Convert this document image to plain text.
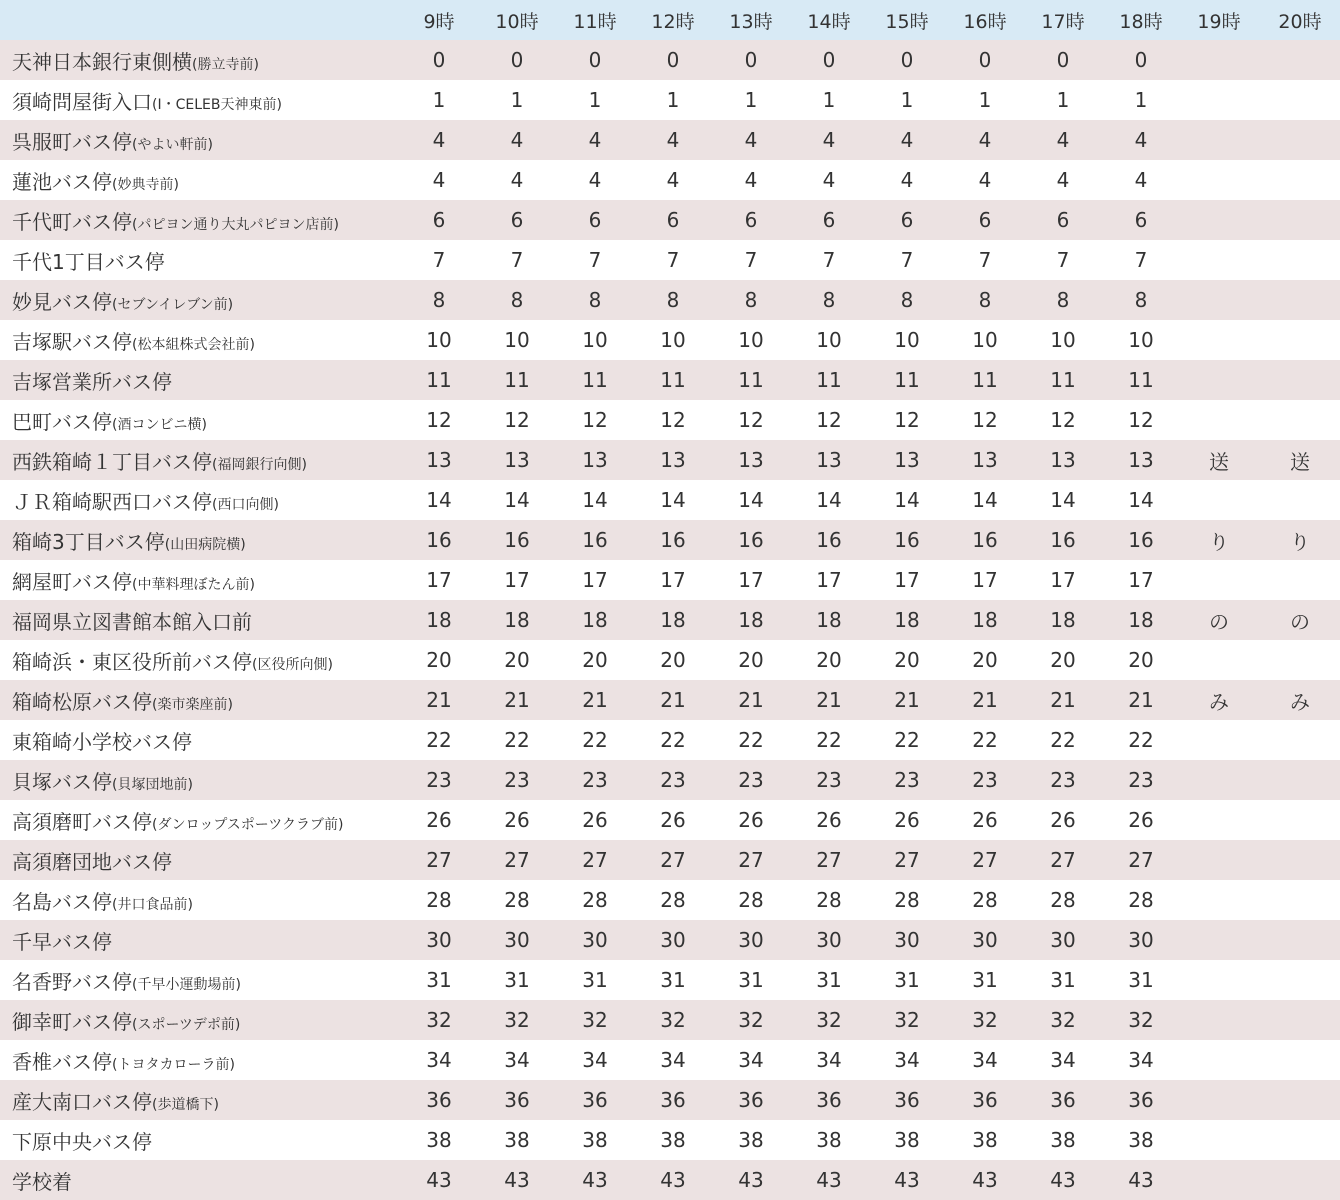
	9時	10時	11時	12時	13時	14時	15時	16時	17時	18時	19時	20時
天神日本銀行東側横(勝立寺前)	0	0	0	0	0	0	0	0	0	0		
須崎問屋街入口(I・CELEB天神東前)	1	1	1	1	1	1	1	1	1	1		
呉服町バス停(やよい軒前)	4	4	4	4	4	4	4	4	4	4		
蓮池バス停(妙典寺前)	4	4	4	4	4	4	4	4	4	4		
千代町バス停(パピヨン通り大丸パピヨン店前)	6	6	6	6	6	6	6	6	6	6		
千代1丁目バス停	7	7	7	7	7	7	7	7	7	7		
妙見バス停(セブンイレブン前)	8	8	8	8	8	8	8	8	8	8		
吉塚駅バス停(松本組株式会社前)	10	10	10	10	10	10	10	10	10	10		
吉塚営業所バス停	11	11	11	11	11	11	11	11	11	11		
巴町バス停(酒コンビニ横)	12	12	12	12	12	12	12	12	12	12		
西鉄箱崎１丁目バス停(福岡銀行向側)	13	13	13	13	13	13	13	13	13	13	送	送
ＪＲ箱崎駅西口バス停(西口向側)	14	14	14	14	14	14	14	14	14	14		
箱崎3丁目バス停(山田病院横)	16	16	16	16	16	16	16	16	16	16	り	り
網屋町バス停(中華料理ぼたん前)	17	17	17	17	17	17	17	17	17	17		
福岡県立図書館本館入口前	18	18	18	18	18	18	18	18	18	18	の	の
箱崎浜・東区役所前バス停(区役所向側)	20	20	20	20	20	20	20	20	20	20		
箱崎松原バス停(楽市楽座前)	21	21	21	21	21	21	21	21	21	21	み	み
東箱崎小学校バス停	22	22	22	22	22	22	22	22	22	22		
貝塚バス停(貝塚団地前)	23	23	23	23	23	23	23	23	23	23		
高須磨町バス停(ダンロップスポーツクラブ前)	26	26	26	26	26	26	26	26	26	26		
高須磨団地バス停	27	27	27	27	27	27	27	27	27	27		
名島バス停(井口食品前)	28	28	28	28	28	28	28	28	28	28		
千早バス停	30	30	30	30	30	30	30	30	30	30		
名香野バス停(千早小運動場前)	31	31	31	31	31	31	31	31	31	31		
御幸町バス停(スポーツデポ前)	32	32	32	32	32	32	32	32	32	32		
香椎バス停(トヨタカローラ前)	34	34	34	34	34	34	34	34	34	34		
産大南口バス停(歩道橋下)	36	36	36	36	36	36	36	36	36	36		
下原中央バス停	38	38	38	38	38	38	38	38	38	38		
学校着	43	43	43	43	43	43	43	43	43	43		
